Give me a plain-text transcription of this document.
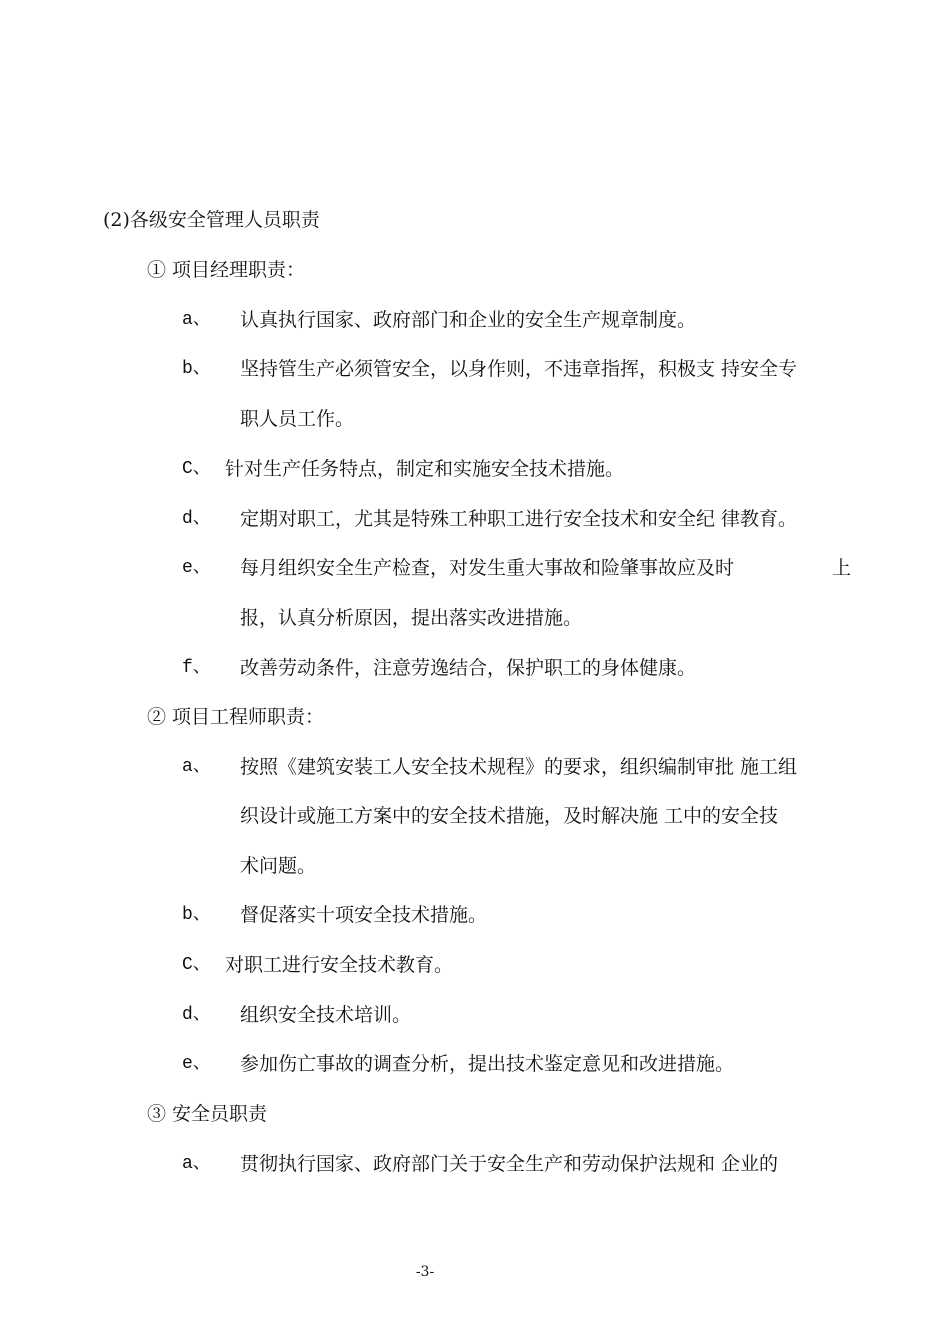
(2)各级安全管理人员职责
① 项目经理职责：
a、 认真执行国家、政府部门和企业的安全生产规章制度。
b、 坚持管生产必须管安全，以身作则，不违章指挥，积极支 持安全专
职人员工作。
C、 针对生产任务特点，制定和实施安全技术措施。
d、 定期对职工，尤其是特殊工种职工进行安全技术和安全纪 律教育。
e、 每月组织安全生产检查，对发生重大事故和险肇事故应及时	上
报，认真分析原因，提出落实改进措施。
f、 改善劳动条件，注意劳逸结合，保护职工的身体健康。
② 项目工程师职责：
a、 按照《建筑安装工人安全技术规程》的要求，组织编制审批 施工组
织设计或施工方案中的安全技术措施，及时解决施 工中的安全技
术问题。
b、 督促落实十项安全技术措施。
C、 对职工进行安全技术教育。
d、 组织安全技术培训。
e、 参加伤亡事故的调查分析，提出技术鉴定意见和改进措施。
③ 安全员职责
a、 贯彻执行国家、政府部门关于安全生产和劳动保护法规和 企业的
-3-
